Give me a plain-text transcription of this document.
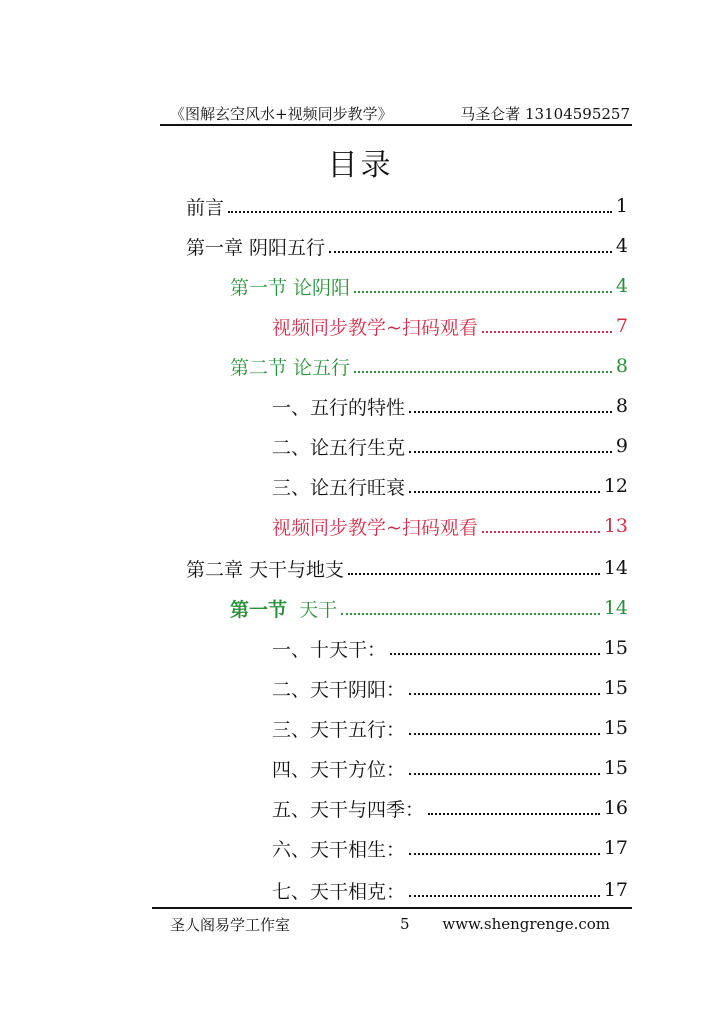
《图解玄空风水+视频同步教学》	马圣仑著 13104595257
目录
前言	1
第一章 阴阳五行	4
第一节 论阴阳	4
视频同步教学~扫码观看	7
第二节 论五行	8
一、五行的特性	8
二、论五行生克	9
三、论五行旺衰	12
视频同步教学~扫码观看	13
第二章 天干与地支	14
第一节  天干	14
一、十天干：	15
二、天干阴阳：	15
三、天干五行：	15
四、天干方位：	15
五、天干与四季：	16
六、天干相生：	17
七、天干相克：	17
圣人阁易学工作室	5 www.shengrenge.com
